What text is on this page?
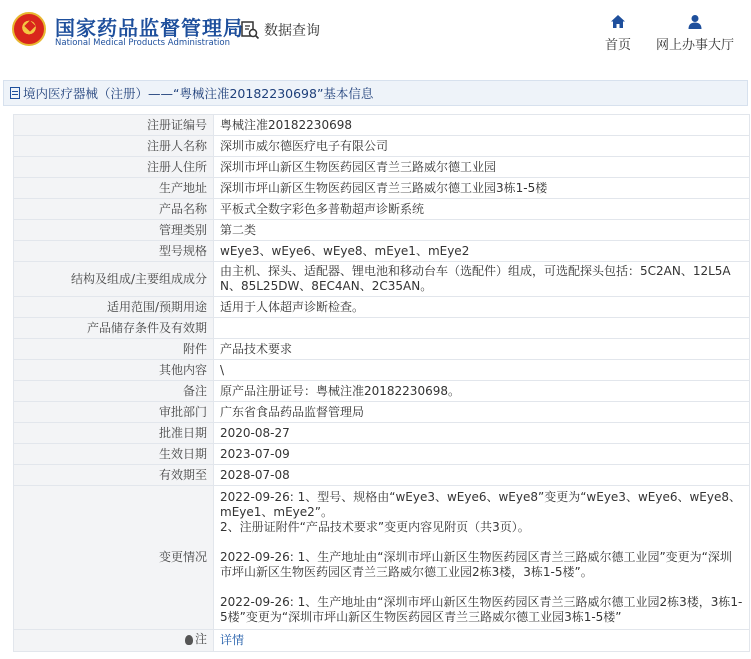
国家药品监督管理局
National Medical Products Administration
数据查询
首页	网上办事大厅
境内医疗器械（注册）——“粤械注准20182230698”基本信息
注册证编号	粤械注准20182230698
注册人名称	深圳市威尔德医疗电子有限公司
注册人住所	深圳市坪山新区生物医药园区青兰三路威尔德工业园
生产地址	深圳市坪山新区生物医药园区青兰三路威尔德工业园3栋1-5楼
产品名称	平板式全数字彩色多普勒超声诊断系统
管理类别	第二类
型号规格	wEye3、wEye6、wEye8、mEye1、mEye2
结构及组成/主要组成成分	由主机、探头、适配器、锂电池和移动台车（选配件）组成，可选配探头包括：5C2AN、12L5AN、85L25DW、8EC4AN、2C35AN。
适用范围/预期用途	适用于人体超声诊断检查。
产品储存条件及有效期	
附件	产品技术要求
其他内容	\
备注	原产品注册证号：粤械注准20182230698。
审批部门	广东省食品药品监督管理局
批准日期	2020-08-27
生效日期	2023-07-09
有效期至	2028-07-08
变更情况	2022-09-26: 1、型号、规格由“wEye3、wEye6、wEye8”变更为“wEye3、wEye6、wEye8、mEye1、mEye2”。
2、注册证附件“产品技术要求”变更内容见附页（共3页）。
2022-09-26: 1、生产地址由“深圳市坪山新区生物医药园区青兰三路威尔德工业园”变更为“深圳市坪山新区生物医药园区青兰三路威尔德工业园2栋3楼，3栋1-5楼”。
2022-09-26: 1、生产地址由“深圳市坪山新区生物医药园区青兰三路威尔德工业园2栋3楼，3栋1-5楼”变更为“深圳市坪山新区生物医药园区青兰三路威尔德工业园3栋1-5楼”

注	详情
